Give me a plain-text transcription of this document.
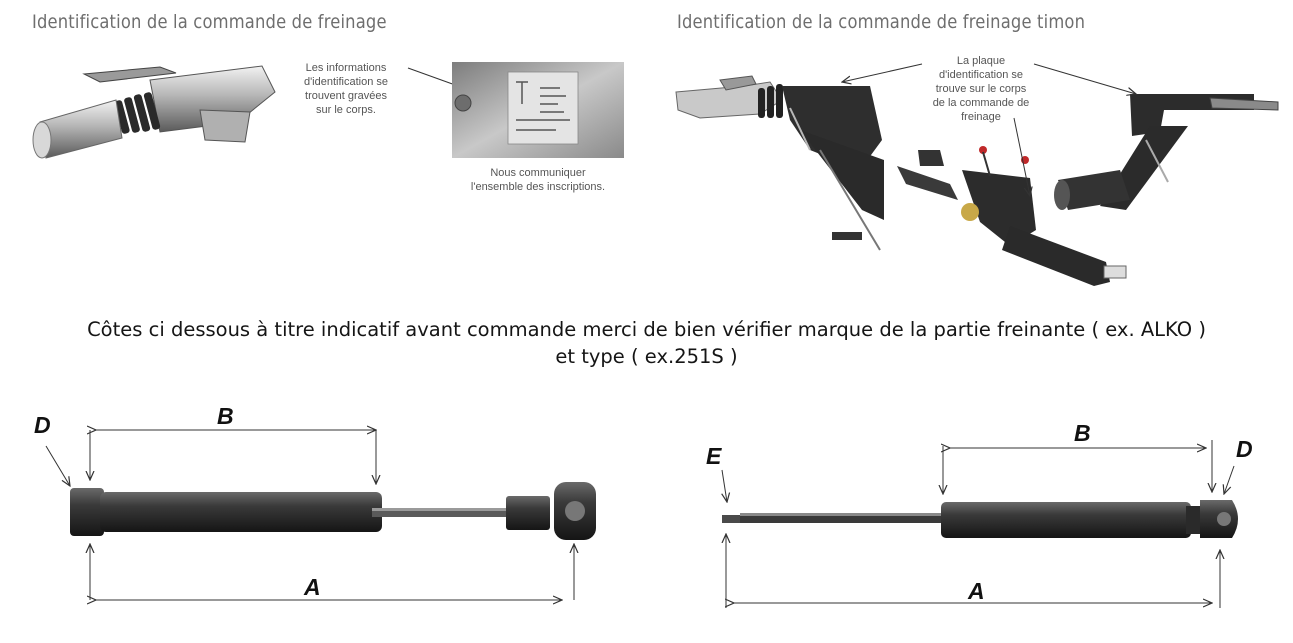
Identification de la commande de freinage	Identification de la commande de freinage timon
Les informations
d'identification se
trouvent gravées
sur le corps.
Nous communiquer
l'ensemble des inscriptions.
La plaque
d'identification se
trouve sur le corps
de la commande de
freinage
Côtes ci dessous à titre indicatif avant commande merci de bien vérifier marque de la partie freinante ( ex. ALKO )
et type ( ex.251S )
D	B
A
E
B
D
A
